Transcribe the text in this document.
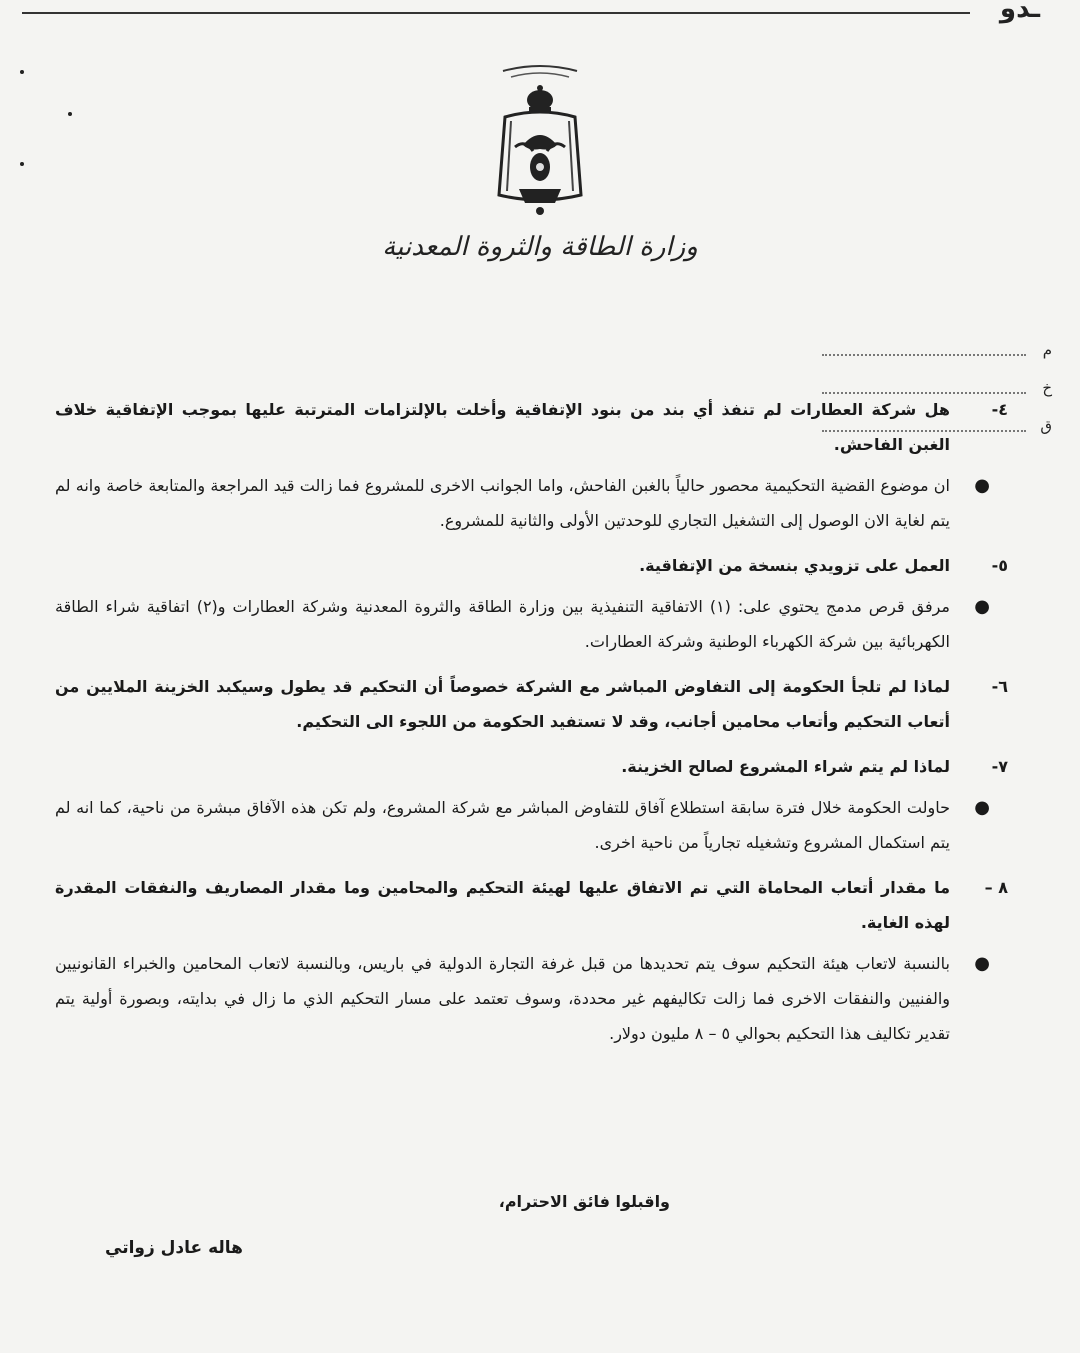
ـدو
وزارة الطاقة والثروة المعدنية
م
خ
ق
٤-
هل شركة العطارات لم تنفذ أي بند من بنود الإتفاقية وأخلت بالإلتزامات المترتبة عليها بموجب الإتفاقية خلاف الغبن الفاحش.
●
ان موضوع القضية التحكيمية محصور حالياً بالغبن الفاحش، واما الجوانب الاخرى للمشروع فما زالت قيد المراجعة والمتابعة خاصة وانه لم يتم لغاية الان الوصول إلى التشغيل التجاري للوحدتين الأولى والثانية للمشروع.
٥-
العمل على تزويدي بنسخة من الإتفاقية.
●
مرفق قرص مدمج يحتوي على: (١) الاتفاقية التنفيذية بين وزارة الطاقة والثروة المعدنية وشركة العطارات و(٢) اتفاقية شراء الطاقة الكهربائية بين شركة الكهرباء الوطنية وشركة العطارات.
٦-
لماذا لم تلجأ الحكومة إلى التفاوض المباشر مع الشركة خصوصاً أن التحكيم قد يطول وسيكبد الخزينة الملايين من أتعاب التحكيم وأتعاب محامين أجانب، وقد لا تستفيد الحكومة من اللجوء الى التحكيم.
٧-
لماذا لم يتم شراء المشروع لصالح الخزينة.
●
حاولت الحكومة خلال فترة سابقة استطلاع آفاق للتفاوض المباشر مع شركة المشروع، ولم تكن هذه الآفاق مبشرة من ناحية، كما انه لم يتم استكمال المشروع وتشغيله تجارياً من ناحية اخرى.
٨ –
ما مقدار أتعاب المحاماة التي تم الاتفاق عليها لهيئة التحكيم والمحامين وما مقدار المصاريف والنفقات المقدرة لهذه الغاية.
●
بالنسبة لاتعاب هيئة التحكيم سوف يتم تحديدها من قبل غرفة التجارة الدولية في باريس، وبالنسبة لاتعاب المحامين والخبراء القانونيين والفنيين والنفقات الاخرى فما زالت تكاليفهم غير محددة، وسوف تعتمد على مسار التحكيم الذي ما زال في بدايته، وبصورة أولية يتم تقدير تكاليف هذا التحكيم بحوالي ٥ – ٨ مليون دولار.
واقبلوا فائق الاحترام،
هاله عادل زواتي
